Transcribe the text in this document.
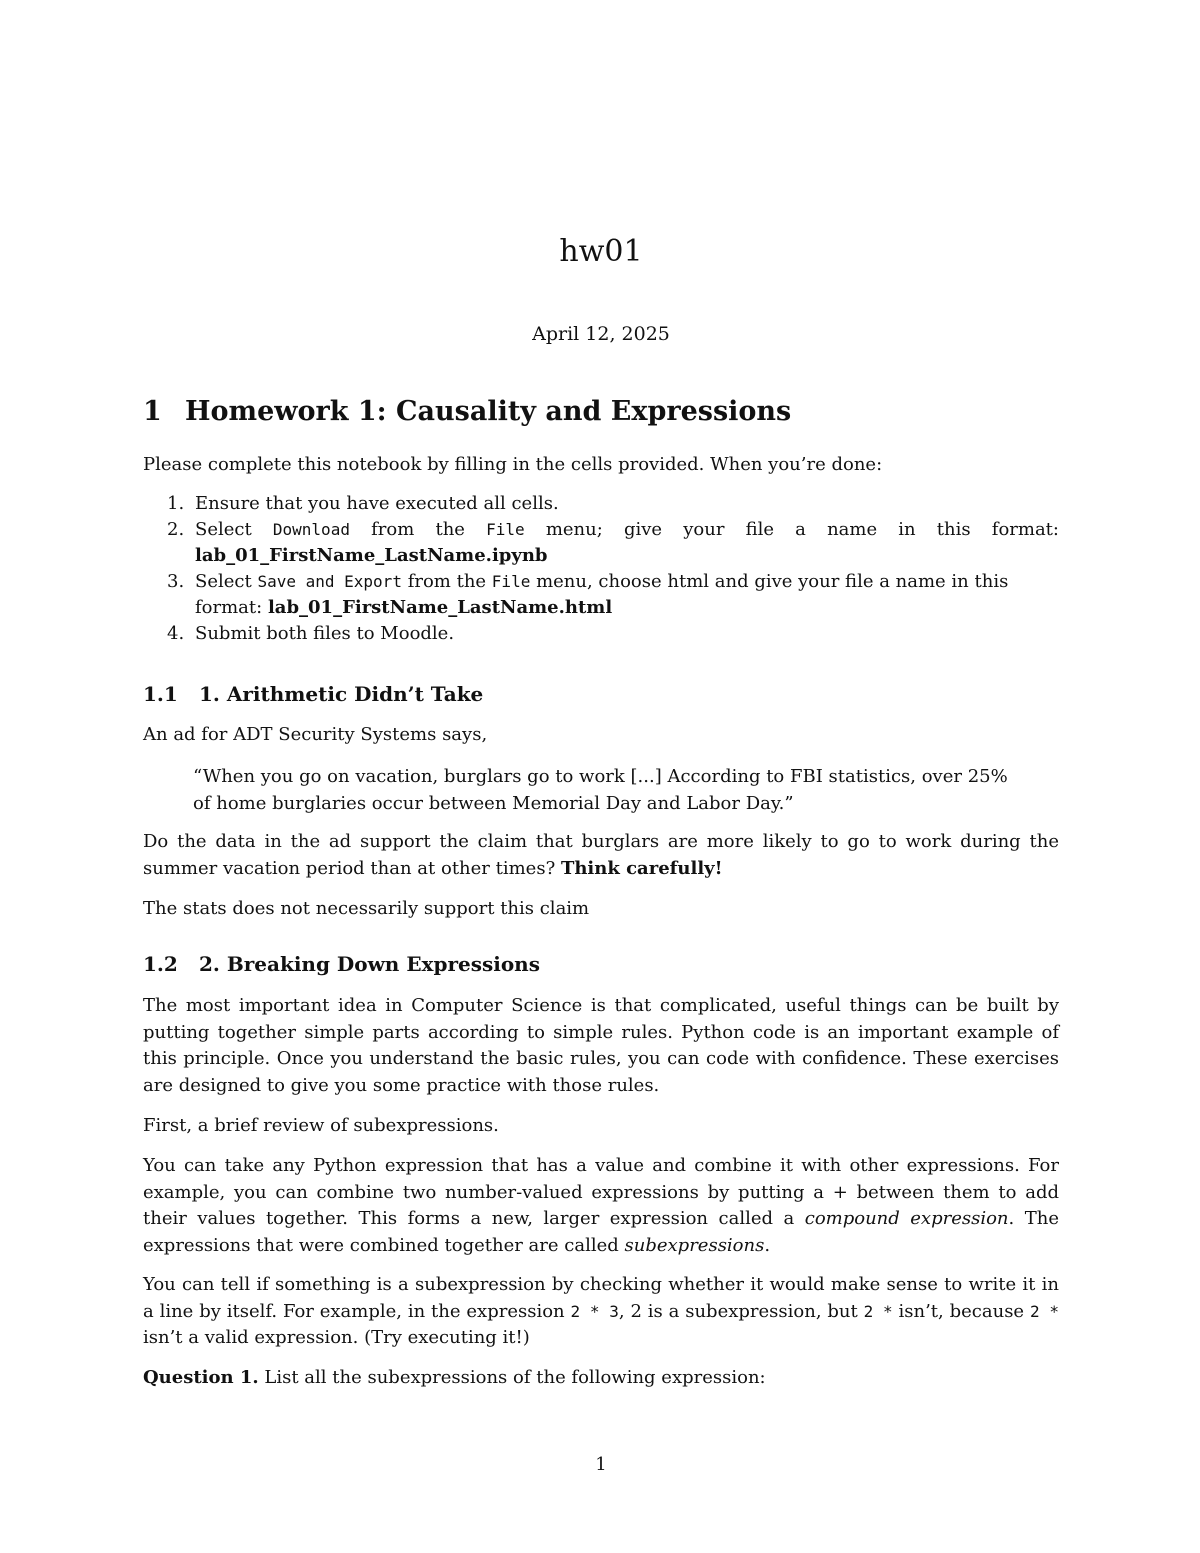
hw01
April 12, 2025
1 Homework 1: Causality and Expressions

Please complete this notebook by filling in the cells provided. When you’re done:

1. Ensure that you have executed all cells.
2. Select Download from the File menu; give your file a name in this format:
lab_01_FirstName_LastName.ipynb
3. Select Save and Export from the File menu, choose html and give your file a name in this format: lab_01_FirstName_LastName.html
4. Submit both files to Moodle.
1.1 1. Arithmetic Didn’t Take

An ad for ADT Security Systems says,

“When you go on vacation, burglars go to work [...] According to FBI statistics, over 25% of home burglaries occur between Memorial Day and Labor Day.”

Do the data in the ad support the claim that burglars are more likely to go to work during the summer vacation period than at other times? Think carefully!

The stats does not necessarily support this claim

1.2 2. Breaking Down Expressions

The most important idea in Computer Science is that complicated, useful things can be built by putting together simple parts according to simple rules. Python code is an important example of this principle. Once you understand the basic rules, you can code with confidence. These exercises are designed to give you some practice with those rules.

First, a brief review of subexpressions.

You can take any Python expression that has a value and combine it with other expressions. For example, you can combine two number-valued expressions by putting a + between them to add their values together. This forms a new, larger expression called a compound expression. The expressions that were combined together are called subexpressions.

You can tell if something is a subexpression by checking whether it would make sense to write it in a line by itself. For example, in the expression 2 * 3, 2 is a subexpression, but 2 * isn’t, because 2 * isn’t a valid expression. (Try executing it!)

Question 1. List all the subexpressions of the following expression:

1
